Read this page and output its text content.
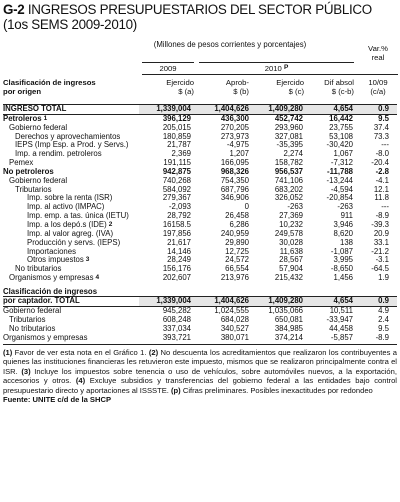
G-2 INGRESOS PRESUPUESTARIOS DEL SECTOR PÚBLICO
(1os SEMS 2009-2010)
(Millones de pesos corrientes y porcentajes)	Var.%
real
2009	2010 $^P$
Clasificación de ingresos
por origen
Ejercido
$ (a)
Aprob-
$ (b)
Ejercido
$ (c)
Dif absol
$ (c-b)
10/09
(c/a)
INGRESO TOTAL	1,339,004	1,404,626	1,409,280	4,654	0.9
Petroleros $^1$	396,129	436,300	452,742	16,442	9.5
Gobierno federal	205,015	270,205	293,960	23,755	37.4
Derechos y aprovechamientos	180,859	273,973	327,081	53,108	73.3
IEPS (Imp Esp. a Prod. y Servs.)	21,787	-4,975	-35,395	-30,420	---
Imp. a rendim. petroleros	2,369	1,207	2,274	1,067	-8.0
Pemex	191,115	166,095	158,782	-7,312	-20.4
No petroleros	942,875	968,326	956,537	-11,788	-2.8
Gobierno federal	740,268	754,350	741,106	-13,244	-4.1
Tributarios	584,092	687,796	683,202	-4,594	12.1
Imp. sobre la renta (ISR)	279,367	346,906	326,052	-20,854	11.8
Imp. al activo (IMPAC)	-2,093	0	-263	-263	---
Imp. emp. a tas. única (IETU)	28,792	26,458	27,369	911	-8.9
Imp. a los depó.s (IDE) $^2$	16158.5	6,286	10,232	3,946	-39.3
Imp. al valor agreg. (IVA)	197,856	240,959	249,578	8,620	20.9
Producción y servs. (IEPS)	21,617	29,890	30,028	138	33.1
Importaciones	14,146	12,725	11,638	-1,087	-21.2
Otros impuestos $^3$	28,249	24,572	28,567	3,995	-3.1
No tributarios	156,176	66,554	57,904	-8,650	-64.5
Organismos y empresas $^4$	202,607	213,976	215,432	1,456	1.9
Clasificación de ingresos					
por captador. TOTAL	1,339,004	1,404,626	1,409,280	4,654	0.9
Gobierno federal	945,282	1,024,555	1,035,066	10,511	4.9
Tributarios	608,248	684,028	650,081	-33,947	2.4
No tributarios	337,034	340,527	384,985	44,458	9.5
Organismos y empresas	393,721	380,071	374,214	-5,857	-8.9
(1) Favor de ver esta nota en el Gráfico 1. (2) No descuenta los acreditamientos que realizaron los contribuyentes a quienes las instituciones financieras les retuvieron este impuesto, mismos que se realizaron principalmente contra el ISR. (3) Incluye los impuestos sobre tenencia o uso de vehículos, sobre automóviles nuevos, a la exportación, accesorios y otros. (4) Excluye subsidios y transferencias del gobierno federal a las entidades bajo control presupuestario directo y aportaciones al ISSSTE. (p) Cifras preliminares. Posibles inexactitudes por redondeo
Fuente: UNITE c/d de la SHCP
